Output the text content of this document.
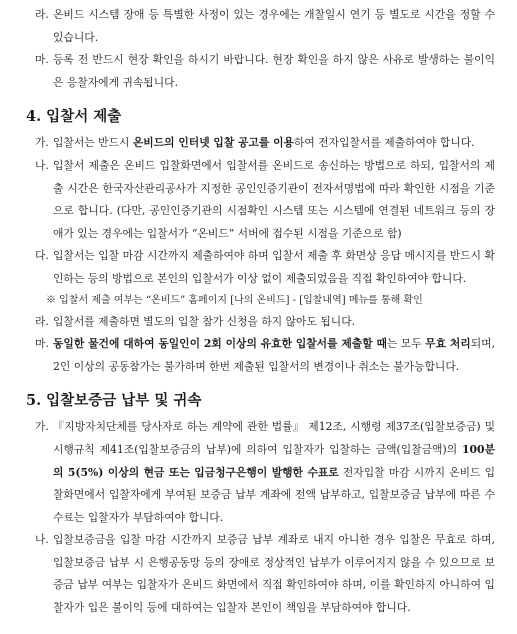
라. 온비드 시스템 장애 등 특별한 사정이 있는 경우에는 개찰일시 연기 등 별도로 시간을 정할 수 있습니다.
마. 등록 전 반드시 현장 확인을 하시기 바랍니다. 현장 확인을 하지 않은 사유로 발생하는 불이익은 응찰자에게 귀속됩니다.
4. 입찰서 제출
가. 입찰서는 반드시 온비드의 인터넷 입찰 공고를 이용하여 전자입찰서를 제출하여야 합니다.
나. 입찰서 제출은 온비드 입찰화면에서 입찰서를 온비드로 송신하는 방법으로 하되, 입찰서의 제출 시간은 한국자산관리공사가 지정한 공인인증기관이 전자서명법에 따라 확인한 시점을 기준으로 합니다. (다만, 공인인증기관의 시점확인 시스템 또는 시스템에 연결된 네트워크 등의 장애가 있는 경우에는 입찰서가 “온비드” 서버에 접수된 시점을 기준으로 함)
다. 입찰서는 입찰 마감 시간까지 제출하여야 하며 입찰서 제출 후 화면상 응답 메시지를 반드시 확인하는 등의 방법으로 본인의 입찰서가 이상 없이 제출되었음을 직접 확인하여야 합니다.
※ 입찰서 제출 여부는 “온비드” 홈페이지 [나의 온비드] - [입찰내역] 메뉴를 통해 확인
라. 입찰서를 제출하면 별도의 입찰 참가 신청을 하지 않아도 됩니다.
마. 동일한 물건에 대하여 동일인이 2회 이상의 유효한 입찰서를 제출할 때는 모두 무효 처리되며, 2인 이상의 공동참가는 불가하며 한번 제출된 입찰서의 변경이나 취소는 불가능합니다.
5. 입찰보증금 납부 및 귀속
가. 『지방자치단체를 당사자로 하는 계약에 관한 법률』 제12조, 시행령 제37조(입찰보증금) 및 시행규칙 제41조(입찰보증금의 납부)에 의하여 입찰자가 입찰하는 금액(입찰금액)의 100분의 5(5%) 이상의 현금 또는 입금청구은행이 발행한 수표로 전자입찰 마감 시까지 온비드 입찰화면에서 입찰자에게 부여된 보증금 납부 계좌에 전액 납부하고, 입찰보증금 납부에 따른 수수료는 입찰자가 부담하여야 합니다.
나. 입찰보증금을 입찰 마감 시간까지 보증금 납부 계좌로 내지 아니한 경우 입찰은 무효로 하며, 입찰보증금 납부 시 은행공동망 등의 장애로 정상적인 납부가 이루어지지 않을 수 있으므로 보증금 납부 여부는 입찰자가 온비드 화면에서 직접 확인하여야 하며, 이를 확인하지 아니하여 입찰자가 입은 불이익 등에 대하여는 입찰자 본인이 책임을 부담하여야 합니다.
